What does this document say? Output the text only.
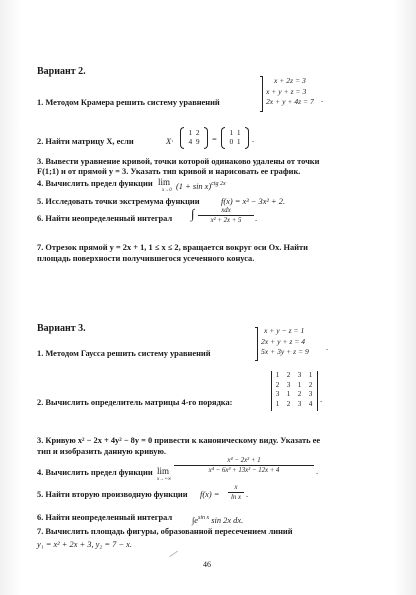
Вариант 2.
1. Методом Крамера решить систему уравнений
x + 2z = 3
x + y + z = 3
2x + y + 4z = 7 .
2. Найти матрицу X, если	X·
1 2
4 9	=
1 1
0 1	.
3. Вывести уравнение кривой, точки которой одинаково удалены от точки
F(1;1) и от прямой y = 3. Указать тип кривой и нарисовать ее график.
4. Вычислить предел функции lim
x→0 $(1 + \sin x)^{ctg 2x}$
5. Исследовать точки экстремума функции	f(x) = x³ − 3x² + 2.
6. Найти неопределенный интеграл ∫	xdx
x² + 2x + 5	.
7. Отрезок прямой y = 2x + 1, 1 ≤ x ≤ 2, вращается вокруг оси Ox. Найти
площадь поверхности получившегося усеченного конуса.
Вариант 3.
1. Методом Гаусса решить систему уравнений
x + y − z = 1
2x + y + z = 4
5x + 3y + z = 9 .
2. Вычислить определитель матрицы 4-го порядка:
1	2	3	1
2	3	1	2
3	1	2	3
1	2	3	4 .
3. Кривую x² − 2x + 4y² − 8y = 0 привести к каноническому виду. Указать ее
тип и изобразить данную кривую.
4. Вычислить предел функции lim
x→+∞
x⁴ − 2x² + 1
x⁴ − 6x³ + 13x² − 12x + 4	.
5. Найти вторую производную функции f(x) =
x
ln x .
6. Найти неопределенный интеграл $\int e^{sin x}$ sin 2x dx.
7. Вычислить площадь фигуры, образованной пересечением линий
y₁ = x² + 2x + 3, y₂ = 7 − x.
46
